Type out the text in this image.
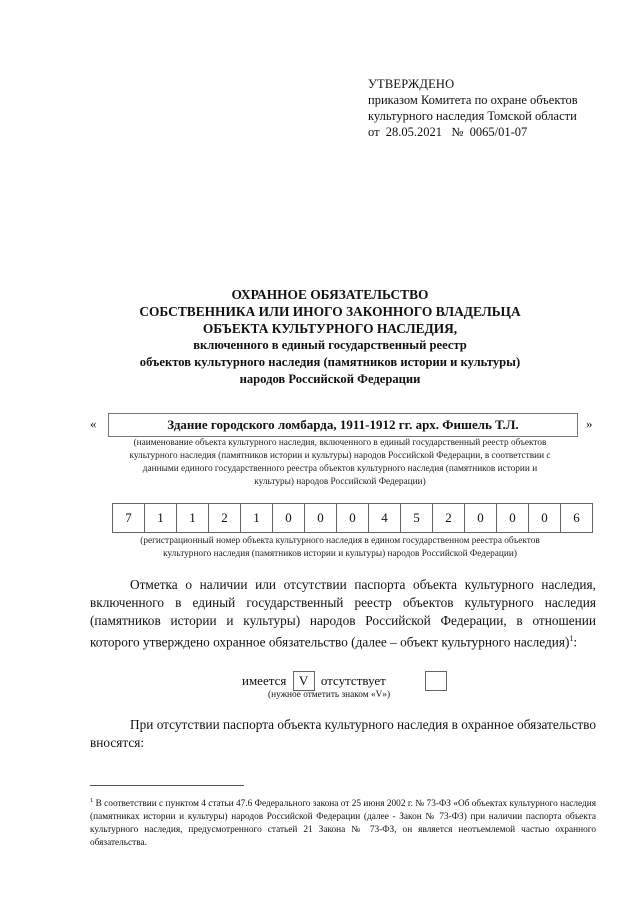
УТВЕРЖДЕНО
приказом Комитета по охране объектов
культурного наследия Томской области
от  28.05.2021   №  0065/01-07
ОХРАННОЕ ОБЯЗАТЕЛЬСТВО
СОБСТВЕННИКА ИЛИ ИНОГО ЗАКОННОГО ВЛАДЕЛЬЦА
ОБЪЕКТА КУЛЬТУРНОГО НАСЛЕДИЯ,
включенного в единый государственный реестр
объектов культурного наследия (памятников истории и культуры)
народов Российской Федерации
«	Здание городского ломбарда, 1911-1912 гг. арх. Фишель Т.Л.	»
(наименование объекта культурного наследия, включенного в единый государственный реестр объектов
культурного наследия (памятников истории и культуры) народов Российской Федерации, в соответствии с
данными единого государственного реестра объектов культурного наследия (памятников истории и
культуры) народов Российской Федерации)
7	1	1	2	1	0	0	0	4	5	2	0	0	0	6
(регистрационный номер объекта культурного наследия в едином государственном реестра объектов
культурного наследия (памятников истории и культуры) народов Российской Федерации)
Отметка о наличии или отсутствии паспорта объекта культурного наследия, включенного в единый государственный реестр объектов культурного наследия (памятников истории и культуры) народов Российской Федерации, в отношении которого утверждено охранное обязательство (далее – объект культурного наследия)$^1$:
имеется V отсутствует
(нужное отметить знаком «V»)
При отсутствии паспорта объекта культурного наследия в охранное обязательство вносятся:
$^1$ В соответствии с пунктом 4 статьи 47.6 Федерального закона от 25 июня 2002 г. № 73-ФЗ «Об объектах культурного наследия (памятниках истории и культуры) народов Российской Федерации (далее - Закон № 73-ФЗ) при наличии паспорта объекта культурного наследия, предусмотренного статьей 21 Закона № 73-ФЗ, он является неотъемлемой частью охранного обязательства.
